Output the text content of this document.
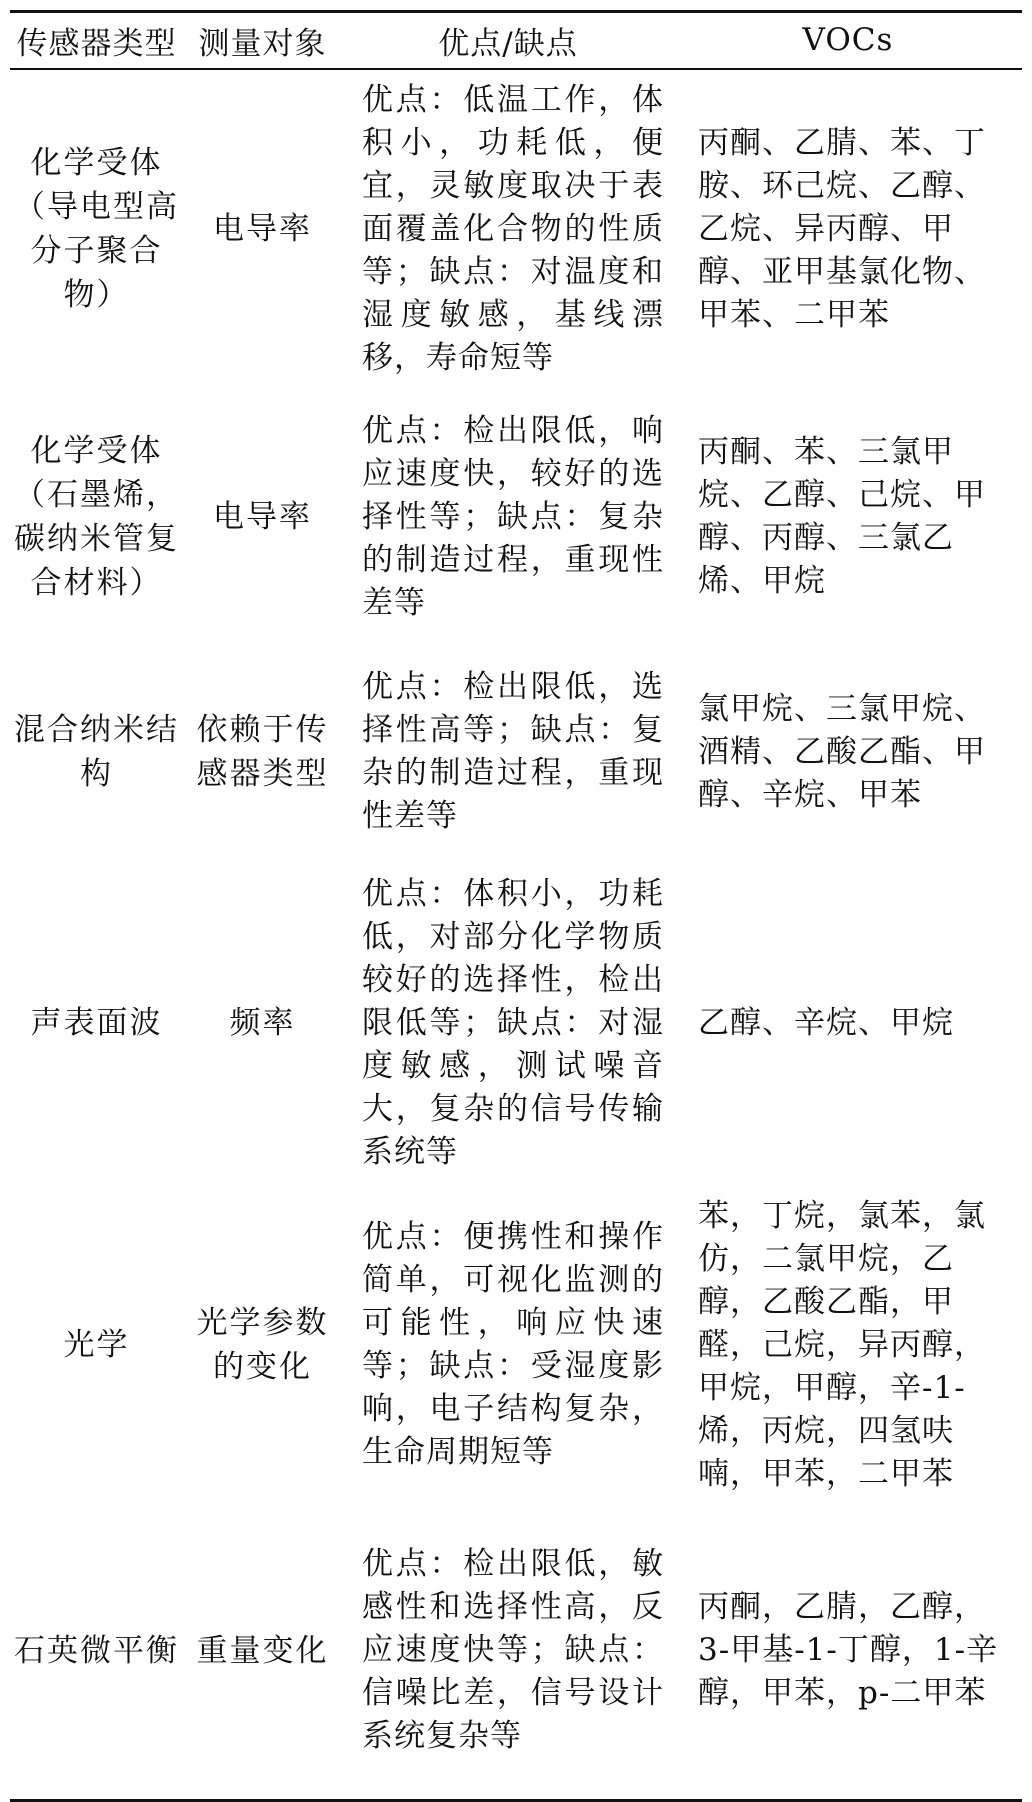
传感器类型	测量对象	优点/缺点	VOCs
化学受体（导电型高分子聚合物）	电导率	优点：低温工作，体积小，功耗低，便宜，灵敏度取决于表面覆盖化合物的性质等；缺点：对温度和湿度敏感，基线漂移，寿命短等	丙酮、乙腈、苯、丁胺、环己烷、乙醇、乙烷、异丙醇、甲醇、亚甲基氯化物、甲苯、二甲苯
化学受体（石墨烯，碳纳米管复合材料）	电导率	优点：检出限低，响应速度快，较好的选择性等；缺点：复杂的制造过程，重现性差等	丙酮、苯、三氯甲烷、乙醇、己烷、甲醇、丙醇、三氯乙烯、甲烷
混合纳米结构	依赖于传感器类型	优点：检出限低，选择性高等；缺点：复杂的制造过程，重现性差等	氯甲烷、三氯甲烷、酒精、乙酸乙酯、甲醇、辛烷、甲苯
声表面波	频率	优点：体积小，功耗低，对部分化学物质较好的选择性，检出限低等；缺点：对湿度敏感，测试噪音大，复杂的信号传输系统等	乙醇、辛烷、甲烷
光学	光学参数的变化	优点：便携性和操作简单，可视化监测的可能性，响应快速等；缺点：受湿度影响，电子结构复杂，生命周期短等	苯，丁烷，氯苯，氯仿，二氯甲烷，乙醇，乙酸乙酯，甲醛，己烷，异丙醇，甲烷，甲醇，辛-1-烯，丙烷，四氢呋喃，甲苯，二甲苯
石英微平衡	重量变化	优点：检出限低，敏感性和选择性高，反应速度快等；缺点：信噪比差，信号设计系统复杂等	丙酮，乙腈，乙醇，3-甲基-1-丁醇，1-辛醇，甲苯，p-二甲苯
